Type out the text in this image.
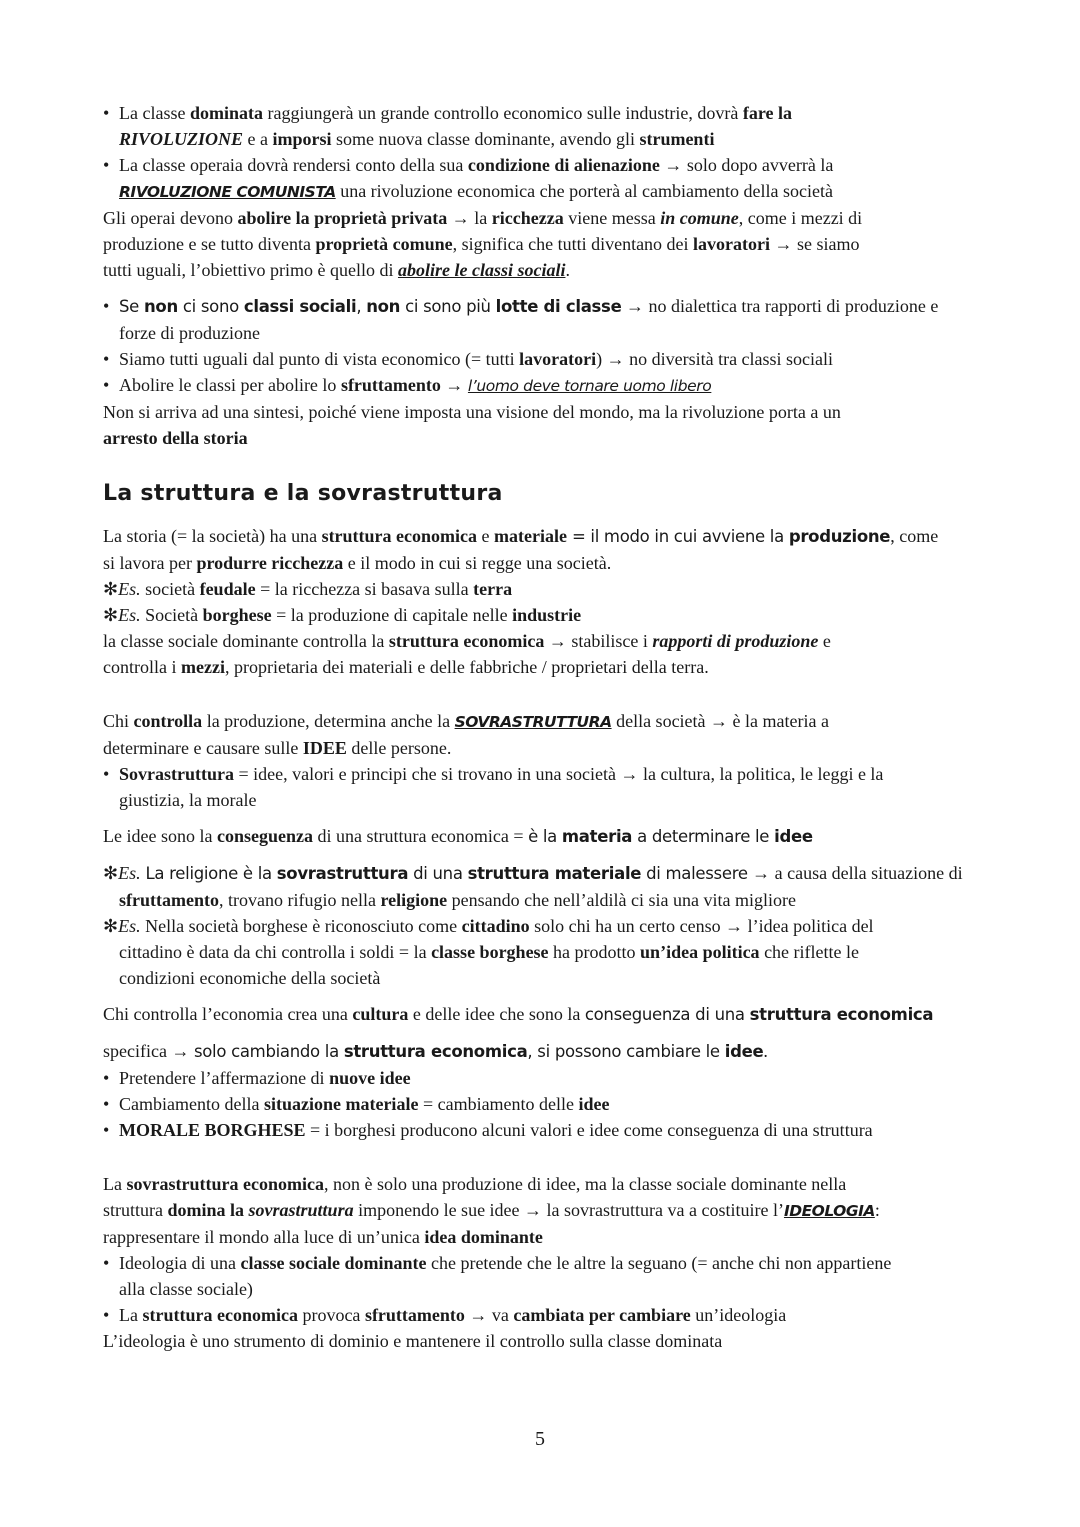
• La classe dominata raggiungerà un grande controllo economico sulle industrie, dovrà fare la
RIVOLUZIONE e a imporsi some nuova classe dominante, avendo gli strumenti
• La classe operaia dovrà rendersi conto della sua condizione di alienazione → solo dopo avverrà la
RIVOLUZIONE COMUNISTA una rivoluzione economica che porterà al cambiamento della società
Gli operai devono abolire la proprietà privata → la ricchezza viene messa in comune, come i mezzi di
produzione e se tutto diventa proprietà comune, significa che tutti diventano dei lavoratori → se siamo
tutti uguali, l’obiettivo primo è quello di abolire le classi sociali.
• Se non ci sono classi sociali, non ci sono più lotte di classe → no dialettica tra rapporti di produzione e
forze di produzione
• Siamo tutti uguali dal punto di vista economico (= tutti lavoratori) → no diversità tra classi sociali
• Abolire le classi per abolire lo sfruttamento → l’uomo deve tornare uomo libero
Non si arriva ad una sintesi, poiché viene imposta una visione del mondo, ma la rivoluzione porta a un
arresto della storia
La struttura e la sovrastruttura
La storia (= la società) ha una struttura economica e materiale = il modo in cui avviene la produzione, come
si lavora per produrre ricchezza e il modo in cui si regge una società.
✻Es. società feudale = la ricchezza si basava sulla terra
✻Es. Società borghese = la produzione di capitale nelle industrie
la classe sociale dominante controlla la struttura economica → stabilisce i rapporti di produzione e
controlla i mezzi, proprietaria dei materiali e delle fabbriche / proprietari della terra.
Chi controlla la produzione, determina anche la SOVRASTRUTTURA della società → è la materia a
determinare e causare sulle IDEE delle persone.
• Sovrastruttura = idee, valori e principi che si trovano in una società → la cultura, la politica, le leggi e la
giustizia, la morale
Le idee sono la conseguenza di una struttura economica = è la materia a determinare le idee
✻Es. La religione è la sovrastruttura di una struttura materiale di malessere → a causa della situazione di
sfruttamento, trovano rifugio nella religione pensando che nell’aldilà ci sia una vita migliore
✻Es. Nella società borghese è riconosciuto come cittadino solo chi ha un certo censo → l’idea politica del
cittadino è data da chi controlla i soldi = la classe borghese ha prodotto un’idea politica che riflette le
condizioni economiche della società
Chi controlla l’economia crea una cultura e delle idee che sono la conseguenza di una struttura economica
specifica → solo cambiando la struttura economica, si possono cambiare le idee.
• Pretendere l’affermazione di nuove idee
• Cambiamento della situazione materiale = cambiamento delle idee
• MORALE BORGHESE = i borghesi producono alcuni valori e idee come conseguenza di una struttura
La sovrastruttura economica, non è solo una produzione di idee, ma la classe sociale dominante nella
struttura domina la sovrastruttura imponendo le sue idee → la sovrastruttura va a costituire l’IDEOLOGIA:
rappresentare il mondo alla luce di un’unica idea dominante
• Ideologia di una classe sociale dominante che pretende che le altre la seguano (= anche chi non appartiene
alla classe sociale)
• La struttura economica provoca sfruttamento → va cambiata per cambiare un’ideologia
L’ideologia è uno strumento di dominio e mantenere il controllo sulla classe dominata
5
